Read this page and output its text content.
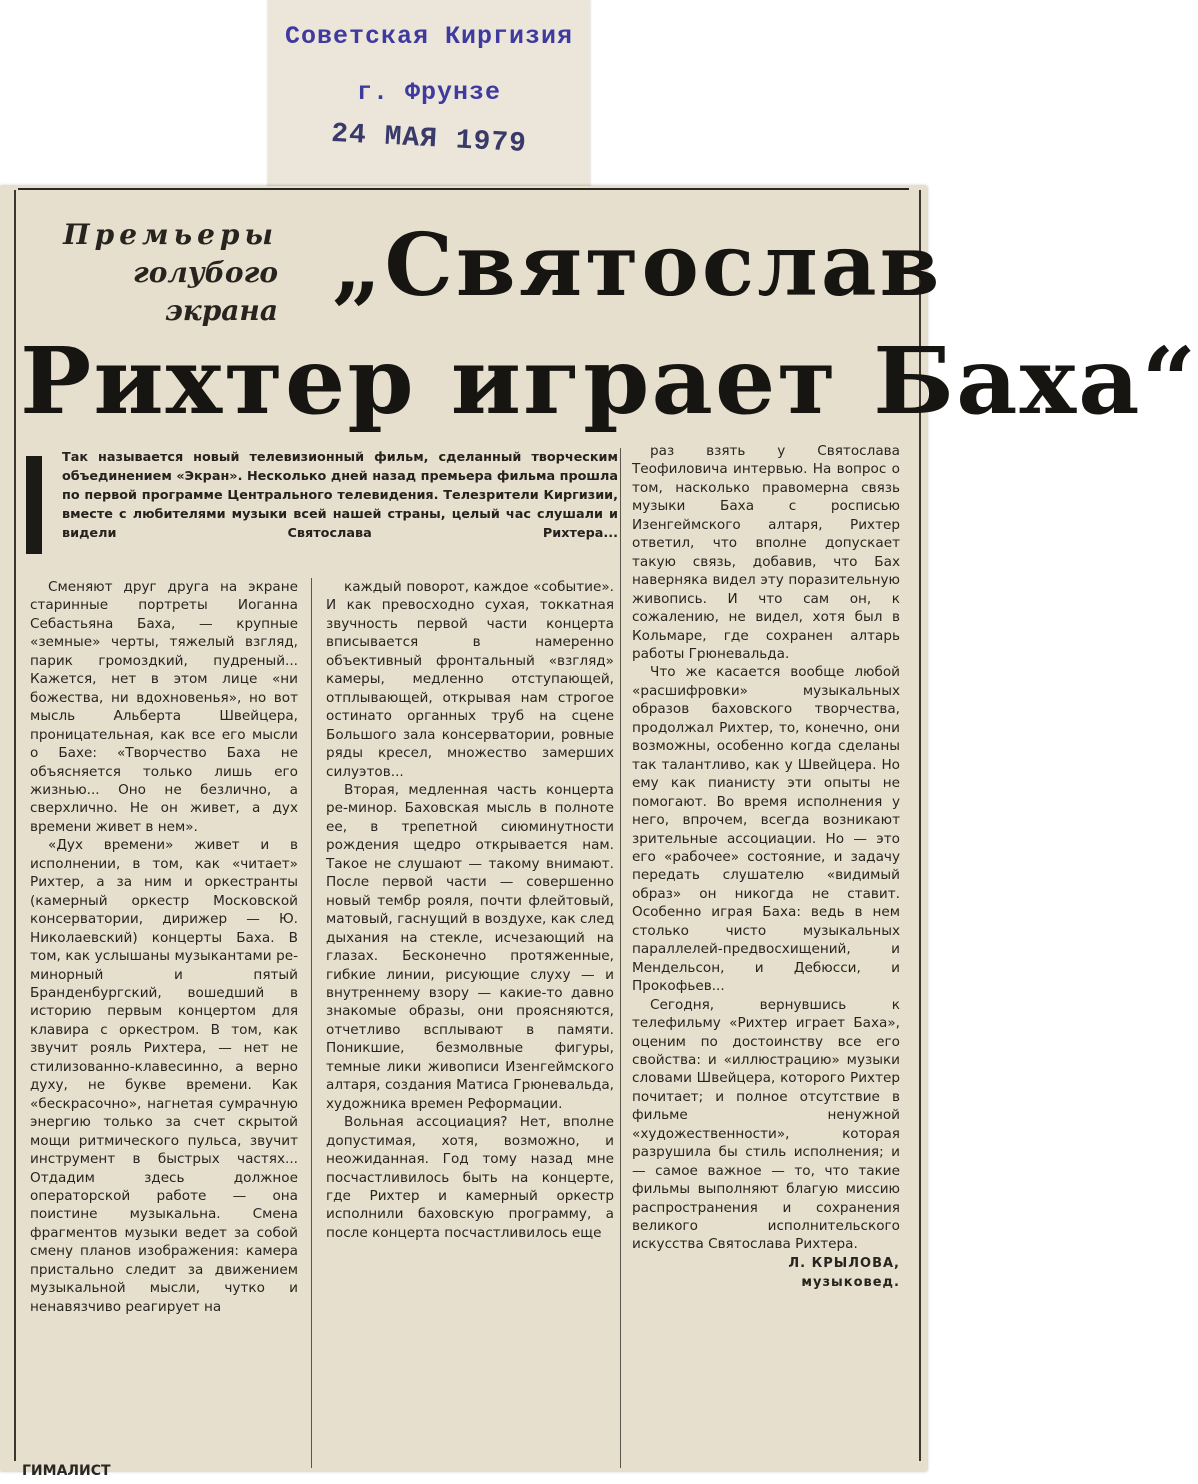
Советская Киргизия
г. Фрунзе
24 МАЯ 1979
Премьеры
голубого экрана „Святослав
Рихтер играет Баха“
Так называется новый телевизионный фильм, сделанный творческим объединением «Экран». Несколько дней назад премьера фильма прошла по первой программе Центрального телевидения. Телезрители Киргизии, вместе с любителями музыки всей нашей страны, целый час слушали и видели Святослава Рихтера...

Сменяют друг друга на экране старинные портреты Иоганна Себастьяна Баха, — крупные «земные» черты, тяжелый взгляд, парик громоздкий, пудреный... Кажется, нет в этом лице «ни божества, ни вдохновенья», но вот мысль Альберта Швейцера, проницательная, как все его мысли о Бахе: «Творчество Баха не объясняется только лишь его жизнью... Оно не безлично, а сверхлично. Не он живет, а дух времени живет в нем».

«Дух времени» живет и в исполнении, в том, как «читает» Рихтер, а за ним и оркестранты (камерный оркестр Московской консерватории, дирижер — Ю. Николаевский) концерты Баха. В том, как услышаны музыкантами ре-минорный и пятый Бранденбургский, вошедший в историю первым концертом для клавира с оркестром. В том, как звучит рояль Рихтера, — нет не стилизованно-клавесинно, а верно духу, не букве времени. Как «бескрасочно», нагнетая сумрачную энергию только за счет скрытой мощи ритмического пульса, звучит инструмент в быстрых частях... Отдадим здесь должное операторской работе — она поистине музыкальна. Смена фрагментов музыки ведет за собой смену планов изображения: камера пристально следит за движением музыкальной мысли, чутко и ненавязчиво реагирует на

каждый поворот, каждое «событие». И как превосходно сухая, токкатная звучность первой части концерта вписывается в намеренно объективный фронтальный «взгляд» камеры, медленно отступающей, отплывающей, открывая нам строгое остинато органных труб на сцене Большого зала консерватории, ровные ряды кресел, множество замерших силуэтов...

Вторая, медленная часть концерта ре-минор. Баховская мысль в полноте ее, в трепетной сиюминутности рождения щедро открывается нам. Такое не слушают — такому внимают. После первой части — совершенно новый тембр рояля, почти флейтовый, матовый, гаснущий в воздухе, как след дыхания на стекле, исчезающий на глазах. Бесконечно протяженные, гибкие линии, рисующие слуху — и внутреннему взору — какие-то давно знакомые образы, они проясняются, отчетливо всплывают в памяти. Поникшие, безмолвные фигуры, темные лики живописи Изенгеймского алтаря, создания Матиса Грюневальда, художника времен Реформации.

Вольная ассоциация? Нет, вполне допустимая, хотя, возможно, и неожиданная. Год тому назад мне посчастливилось быть на концерте, где Рихтер и камерный оркестр исполнили баховскую программу, а после концерта посчастливилось еще

раз взять у Святослава Теофиловича интервью. На вопрос о том, насколько правомерна связь музыки Баха с росписью Изенгеймского алтаря, Рихтер ответил, что вполне допускает такую связь, добавив, что Бах наверняка видел эту поразительную живопись. И что сам он, к сожалению, не видел, хотя был в Кольмаре, где сохранен алтарь работы Грюневальда.

Что же касается вообще любой «расшифровки» музыкальных образов баховского творчества, продолжал Рихтер, то, конечно, они возможны, особенно когда сделаны так талантливо, как у Швейцера. Но ему как пианисту эти опыты не помогают. Во время исполнения у него, впрочем, всегда возникают зрительные ассоциации. Но — это его «рабочее» состояние, и задачу передать слушателю «видимый образ» он никогда не ставит. Особенно играя Баха: ведь в нем столько чисто музыкальных параллелей-предвосхищений, и Мендельсон, и Дебюсси, и Прокофьев...

Сегодня, вернувшись к телефильму «Рихтер играет Баха», оценим по достоинству все его свойства: и «иллюстрацию» музыки словами Швейцера, которого Рихтер почитает; и полное отсутствие в фильме ненужной «художественности», которая разрушила бы стиль исполнения; и — самое важное — то, что такие фильмы выполняют благую миссию распространения и сохранения великого исполнительского искусства Святослава Рихтера.

Л. КРЫЛОВА,

музыковед.

ГИМАЛИСТ
